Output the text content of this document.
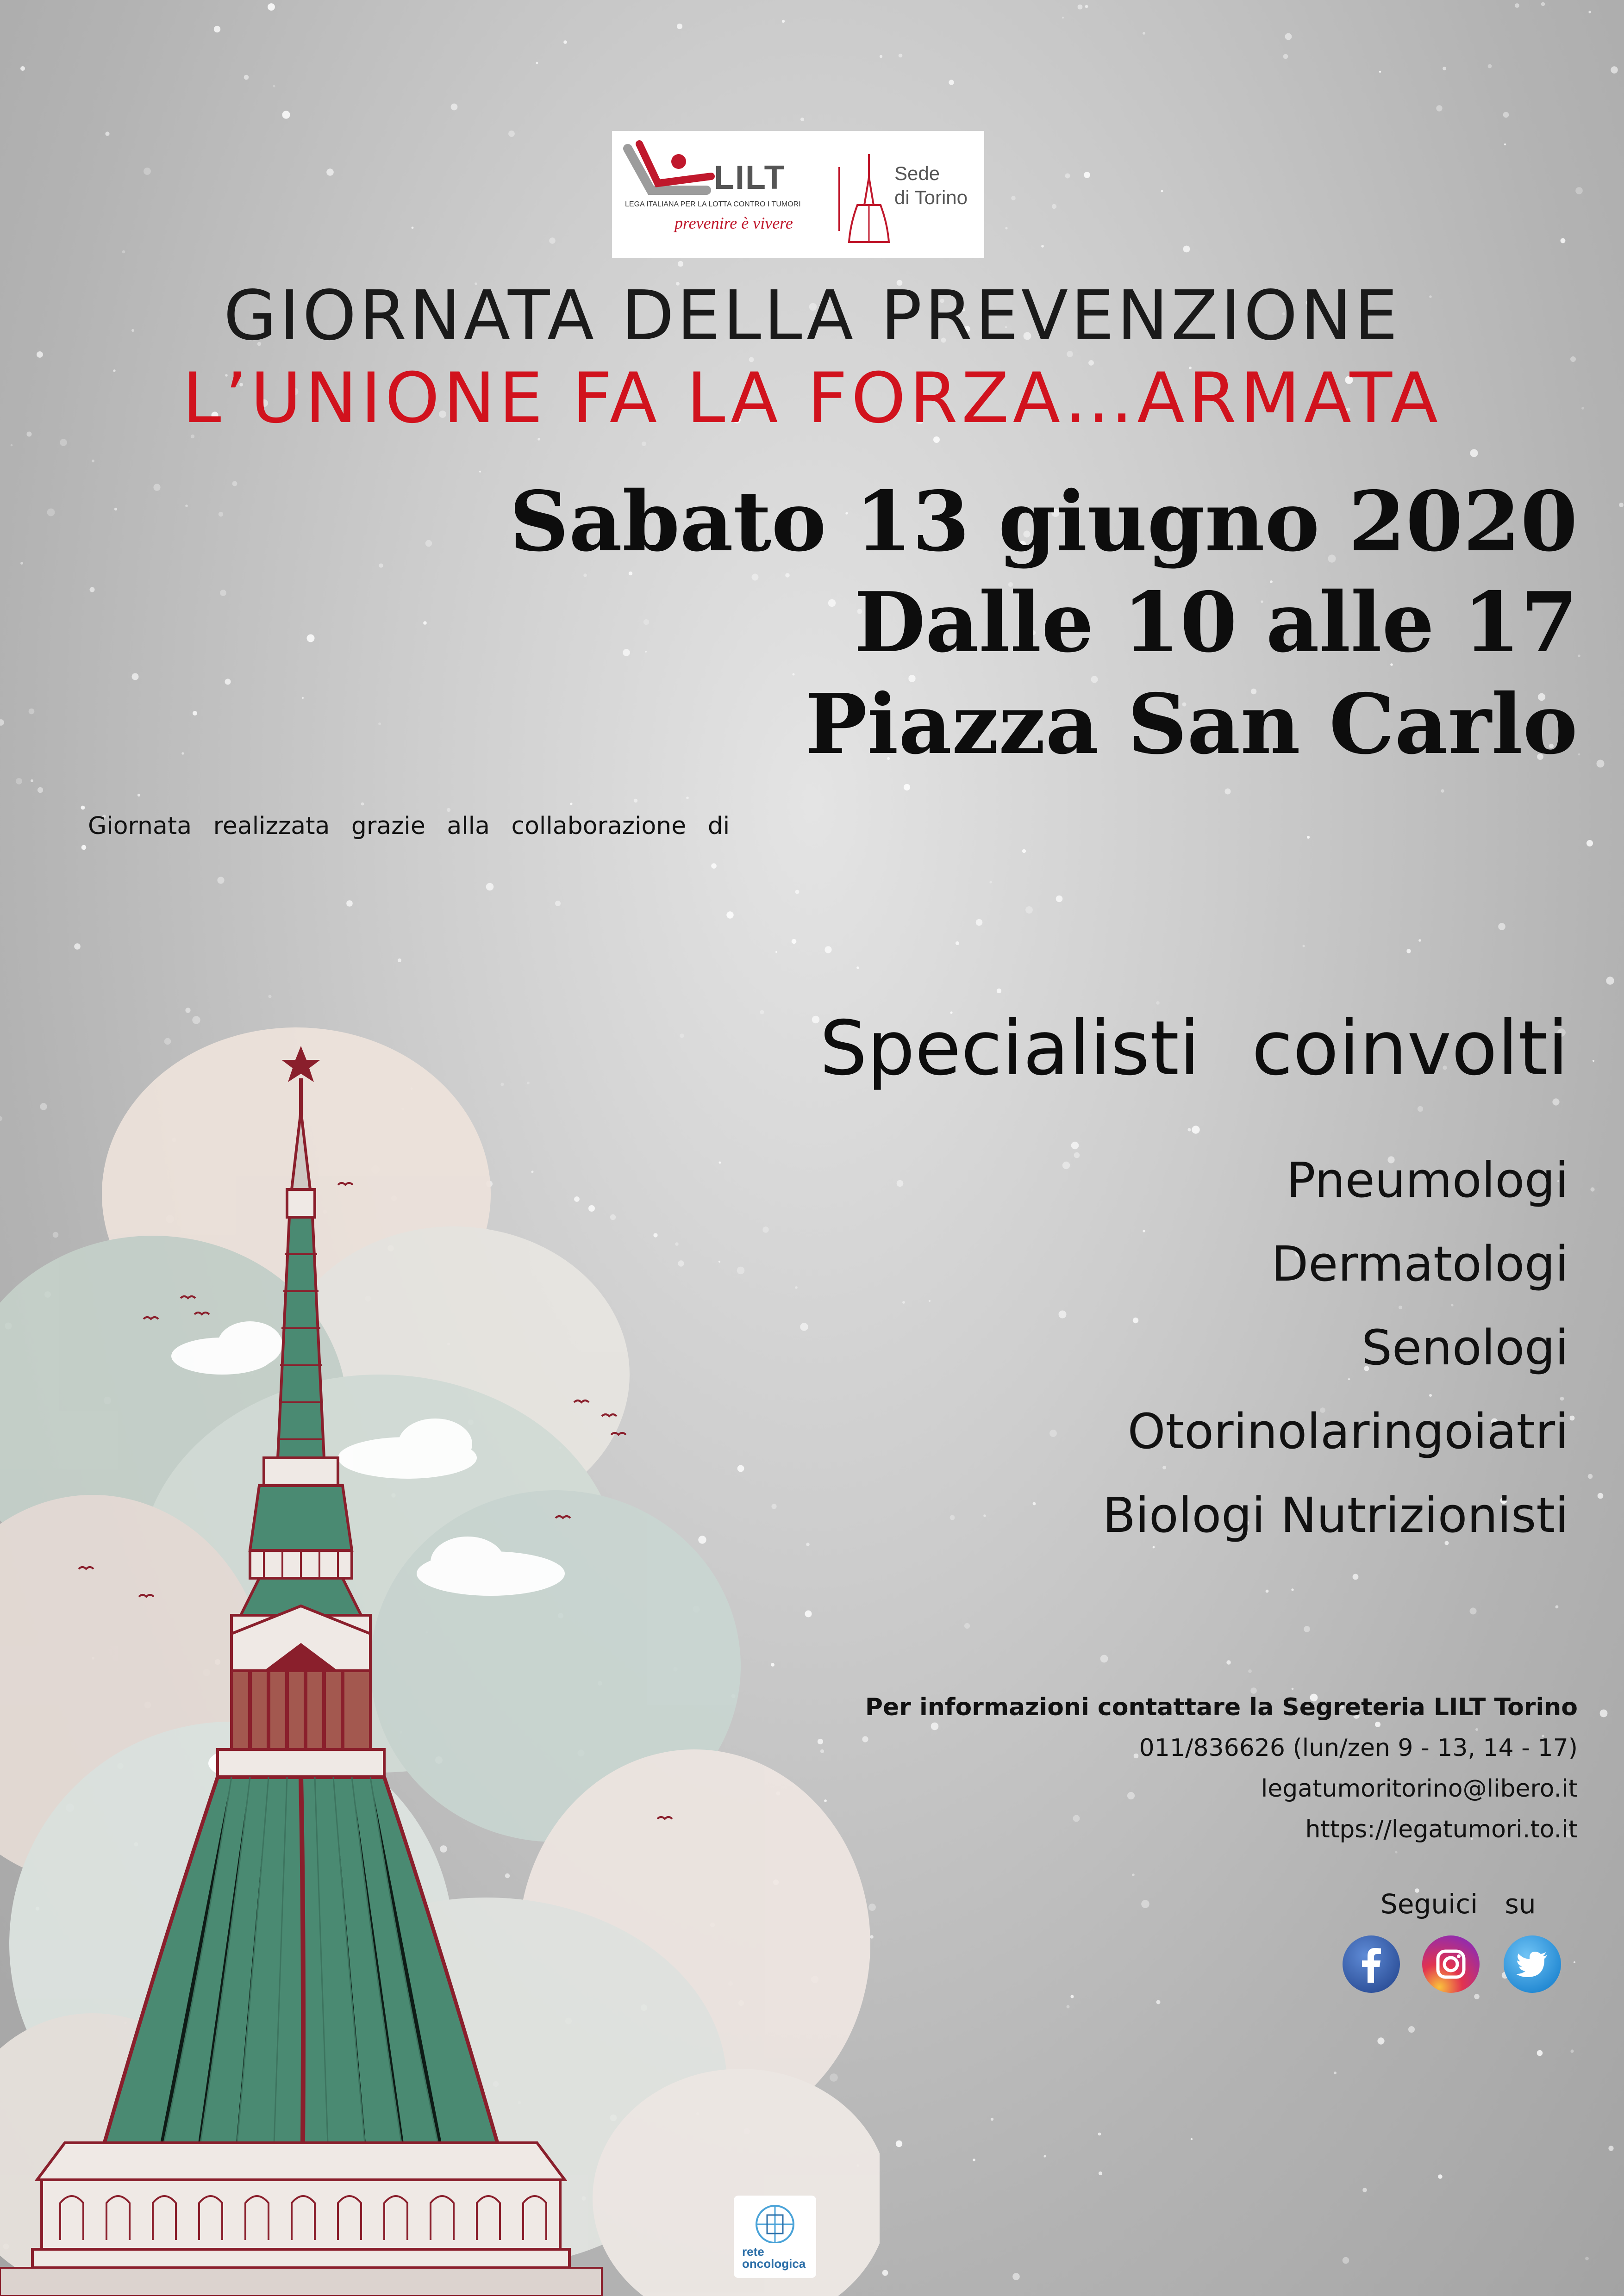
LILT
LEGA ITALIANA PER LA LOTTA CONTRO I TUMORI
prevenire è vivere
Sede
di Torino
GIORNATA DELLA PREVENZIONE
L’UNIONE FA LA FORZA…ARMATA
Sabato 13 giugno 2020
Dalle 10 alle 17
Piazza San Carlo
Giornata realizzata grazie alla collaborazione di
Specialisti coinvolti
Pneumologi
Dermatologi
Senologi
Otorinolaringoiatri
Biologi Nutrizionisti
Per informazioni contattare la Segreteria LILT Torino
011/836626 (lun/zen 9 - 13, 14 - 17)
legatumoritorino@libero.it
https://legatumori.to.it
Seguici su
rete
oncologica
